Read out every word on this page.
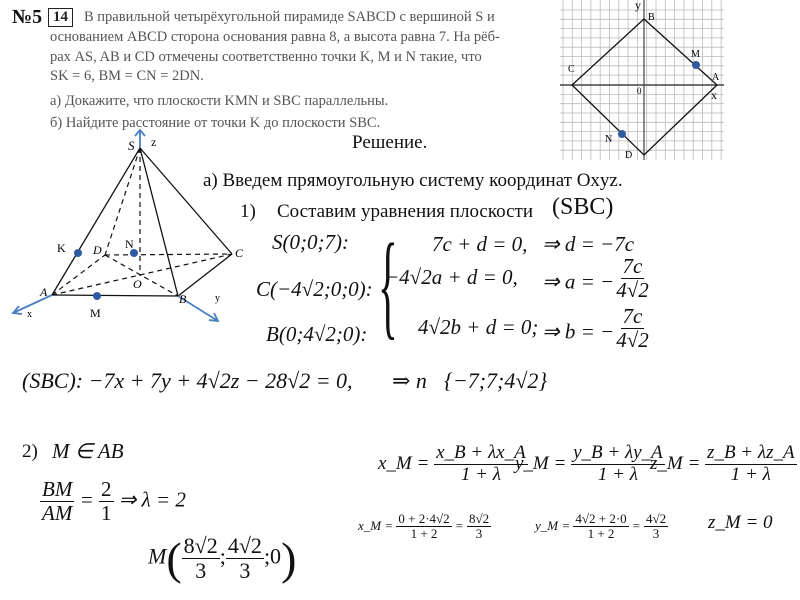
№5 14	В правильной четырёхугольной пирамиде SABCD с вершиной S и
основанием ABCD сторона основания равна 8, а высота равна 7. На рёб-
рах AS, AB и CD отмечены соответственно точки K, M и N такие, что
SK = 6, BM = CN = 2DN.
а) Докажите, что плоскости KMN и SBC параллельны.
б) Найдите расстояние от точки K до плоскости SBC.
y
B
M
C
A
0	x
N
D
S z
K D N
C
O
A	B
M
x
y
Решение.
а) Введем прямоугольную систему координат Oxyz.
1) Составим уравнения плоскости (SBC)
S(0;0;7):
C(−4√2;0;0):
B(0;4√2;0): { 7c + d = 0, ⇒ d = −7c
−4√2a + d = 0, ⇒ a = − $\frac{7c}{4√2}$
4√2b + d = 0; ⇒ b = − $\frac{7c}{4√2}$
(SBC): −7x + 7y + 4√2z − 28√2 = 0, ⇒ n⃗{−7;7;4√2}
2) M ∈ AB
$\frac{BM}{AM} = \frac{2}{1}$ ⇒ λ = 2
$M( \frac{8√2}{3}$ ; $\frac{4√2}{3}$ ;0)
x_M = $\frac{x\_B + \lambda x\_A}{1 + \lambda}$
y_M = $\frac{y\_B + \lambda y\_A}{1 + \lambda}$
z_M = $\frac{z\_B + \lambda z\_A}{1 + \lambda}$
x_M = $\frac{0 + 2\cdot 4√2}{1 + 2} = \frac{8√2}{3}$	y_M = $\frac{4√2 + 2\cdot 0}{1 + 2} = \frac{4√2}{3}$ z_M = 0
